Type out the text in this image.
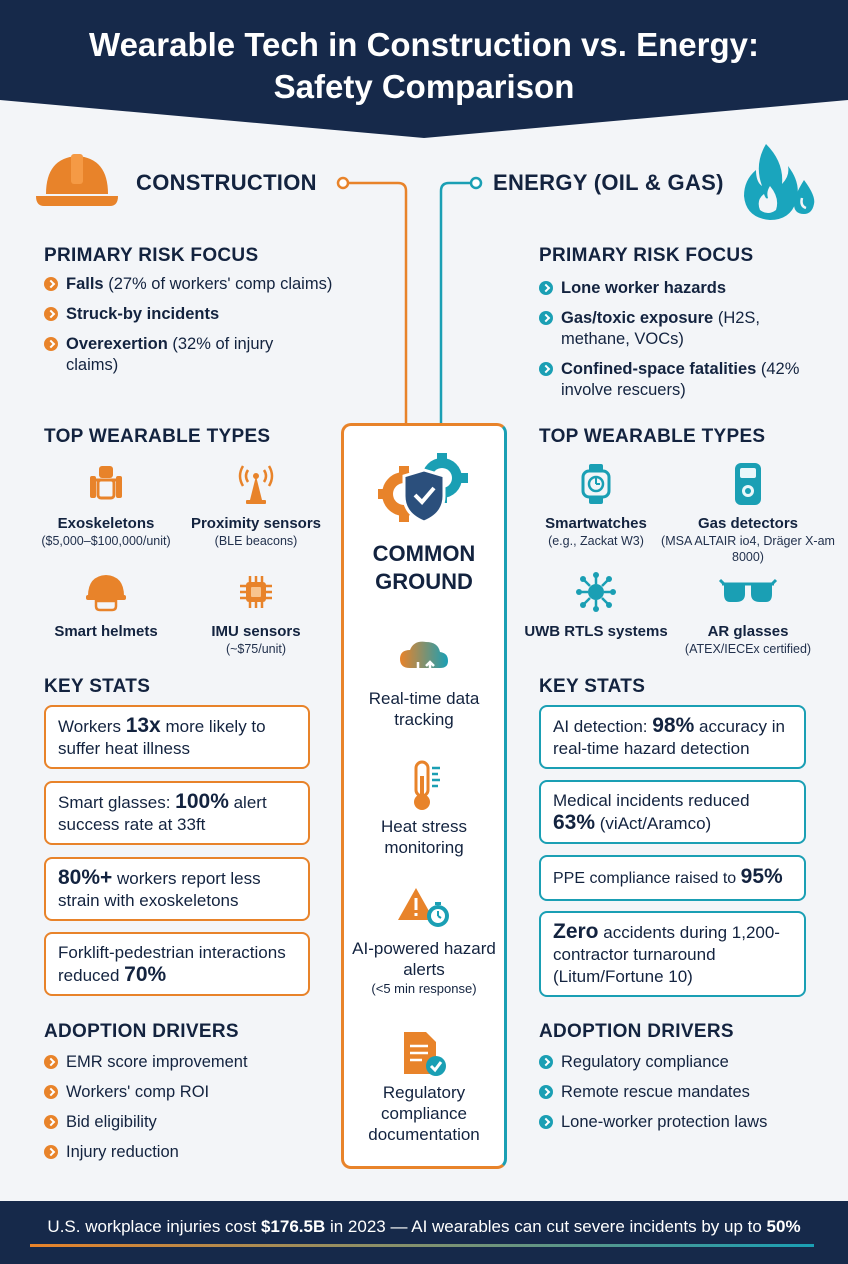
Wearable Tech in Construction vs. Energy:
Safety Comparison
CONSTRUCTION	ENERGY (OIL & GAS)
PRIMARY RISK FOCUS
Falls (27% of workers' comp claims)
Struck-by incidents
Overexertion (32% of injury claims)
PRIMARY RISK FOCUS
Lone worker hazards
Gas/toxic exposure (H2S, methane, VOCs)
Confined-space fatalities (42% involve rescuers)
TOP WEARABLE TYPES
Exoskeletons
($5,000–$100,000/unit)
Proximity sensors
(BLE beacons)
Smart helmets	IMU sensors
(~$75/unit)
TOP WEARABLE TYPES
Smartwatches
(e.g., Zackat W3)
Gas detectors
(MSA ALTAIR io4, Dräger X-am 8000)
UWB RTLS systems	AR glasses
(ATEX/IECEx certified)
KEY STATS
Workers 13x more likely to suffer heat illness
Smart glasses: 100% alert success rate at 33ft
80%+ workers report less strain with exoskeletons
Forklift-pedestrian interactions reduced 70%
KEY STATS
AI detection: 98% accuracy in real-time hazard detection
Medical incidents reduced 63% (viAct/Aramco)
PPE compliance raised to 95%
Zero accidents during 1,200-contractor turnaround (Litum/Fortune 10)
ADOPTION DRIVERS
EMR score improvement
Workers' comp ROI
Bid eligibility
Injury reduction
ADOPTION DRIVERS
Regulatory compliance
Remote rescue mandates
Lone-worker protection laws
COMMON GROUND
Real-time data tracking
Heat stress monitoring
AI-powered hazard alerts
(<5 min response)
Regulatory compliance documentation
U.S. workplace injuries cost $176.5B in 2023 — AI wearables can cut severe incidents by up to 50%
